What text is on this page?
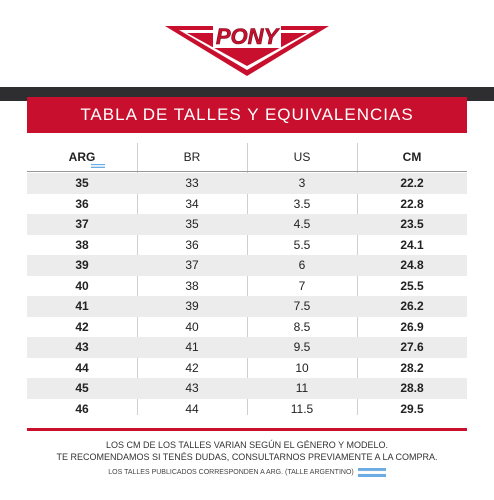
PONY
TABLA DE TALLES Y EQUIVALENCIAS
ARG	BR	US	CM
35	33	3	22.2
36	34	3.5	22.8
37	35	4.5	23.5
38	36	5.5	24.1
39	37	6	24.8
40	38	7	25.5
41	39	7.5	26.2
42	40	8.5	26.9
43	41	9.5	27.6
44	42	10	28.2
45	43	11	28.8
46	44	11.5	29.5
LOS CM DE LOS TALLES VARIAN SEGÚN EL GÉNERO Y MODELO.
TE RECOMENDAMOS SI TENÉS DUDAS, CONSULTARNOS PREVIAMENTE A LA COMPRA.
LOS TALLES PUBLICADOS CORRESPONDEN A ARG. (TALLE ARGENTINO)
